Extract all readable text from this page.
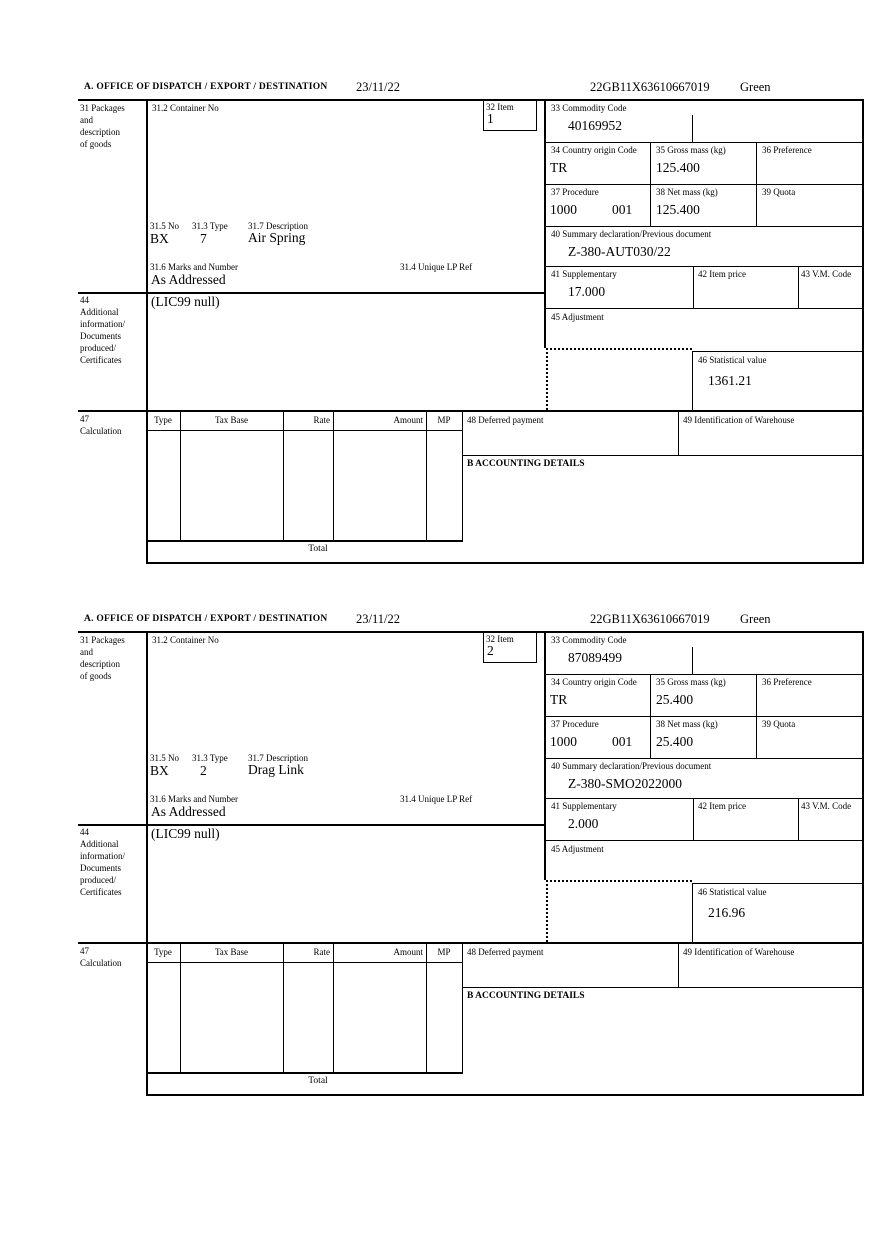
A. OFFICE OF DISPATCH / EXPORT / DESTINATION 23/11/22	22GB11X63610667019 Green
31 Packages
and
description
of goods
31.2 Container No	32 Item
1
33 Commodity Code
40169952
34 Country origin Code
TR
35 Gross mass (kg)
125.400
36 Preference
37 Procedure
1000	001
38 Net mass (kg)
125.400
39 Quota
31.5 No 31.3 Type 31.7 Description
BX 7	Air Spring
31.6 Marks and Number	31.4 Unique LP Ref
As Addressed
40 Summary declaration/Previous document
Z-380-AUT030/22
41 Supplementary
17.000
42 Item price	43 V.M. Code
44
Additional
information/
Documents
produced/
Certificates
(LIC99 null)
45 Adjustment
46 Statistical value
1361.21
47
Calculation
Type	Tax Base	Rate	Amount	MP	48 Deferred payment	49 Identification of Warehouse
B ACCOUNTING DETAILS
Total
A. OFFICE OF DISPATCH / EXPORT / DESTINATION 23/11/22	22GB11X63610667019 Green
31 Packages
and
description
of goods
31.2 Container No	32 Item
2
33 Commodity Code
87089499
34 Country origin Code
TR
35 Gross mass (kg)
25.400
36 Preference
37 Procedure
1000	001
38 Net mass (kg)
25.400
39 Quota
31.5 No 31.3 Type 31.7 Description
BX 2	Drag Link
31.6 Marks and Number	31.4 Unique LP Ref
As Addressed
40 Summary declaration/Previous document
Z-380-SMO2022000
41 Supplementary
2.000
42 Item price	43 V.M. Code
44
Additional
information/
Documents
produced/
Certificates
(LIC99 null)
45 Adjustment
46 Statistical value
216.96
47
Calculation
Type	Tax Base	Rate	Amount	MP	48 Deferred payment	49 Identification of Warehouse
B ACCOUNTING DETAILS
Total
